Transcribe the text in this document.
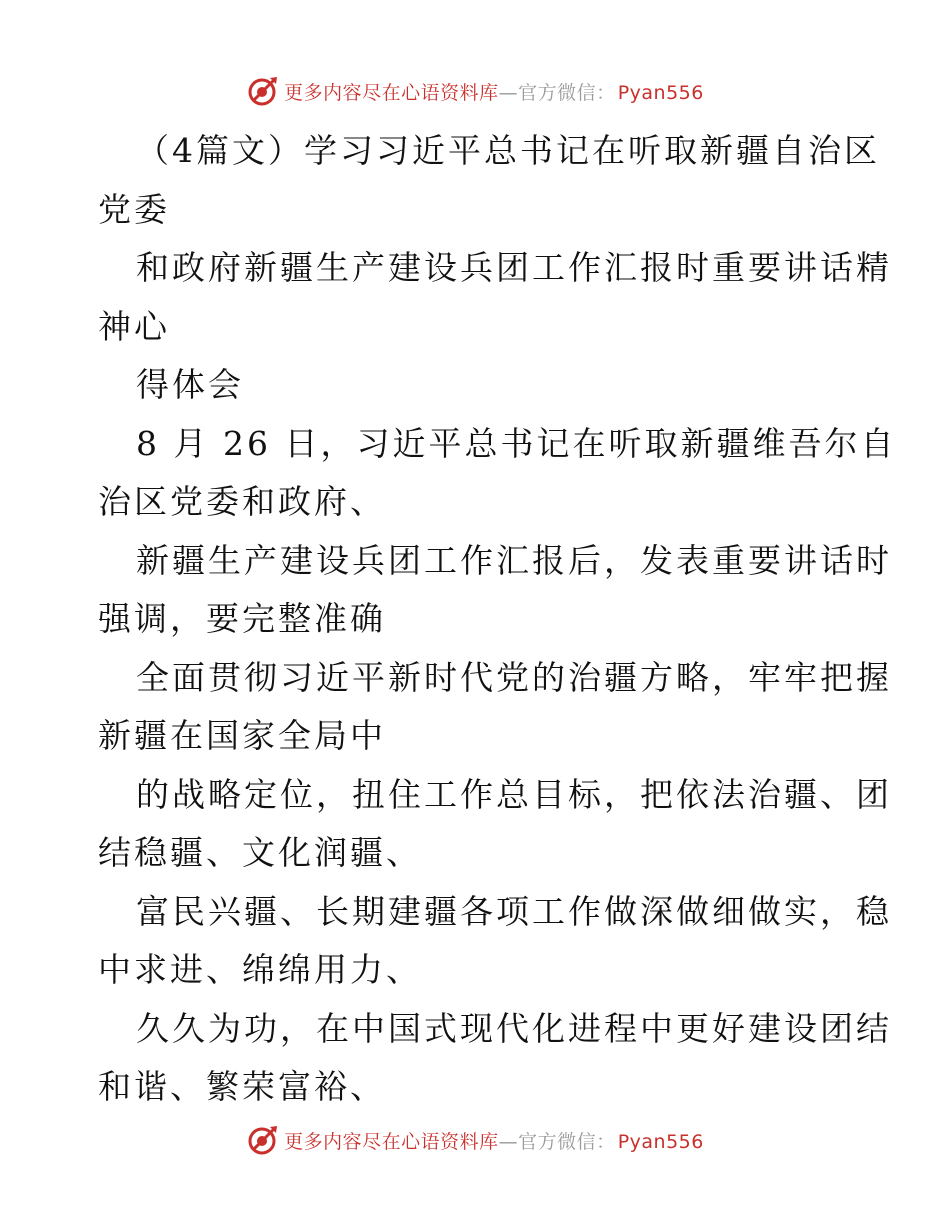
更多内容尽在心语资料库—官方微信： Pyan556
（4篇文）学习习近平总书记在听取新疆自治区
党委
和政府新疆生产建设兵团工作汇报时重要讲话精
神心
得体会
8 月 26 日，习近平总书记在听取新疆维吾尔自
治区党委和政府、
新疆生产建设兵团工作汇报后，发表重要讲话时
强调，要完整准确
全面贯彻习近平新时代党的治疆方略，牢牢把握
新疆在国家全局中
的战略定位，扭住工作总目标，把依法治疆、团
结稳疆、文化润疆、
富民兴疆、长期建疆各项工作做深做细做实，稳
中求进、绵绵用力、
久久为功，在中国式现代化进程中更好建设团结
和谐、繁荣富裕、
更多内容尽在心语资料库—官方微信： Pyan556
